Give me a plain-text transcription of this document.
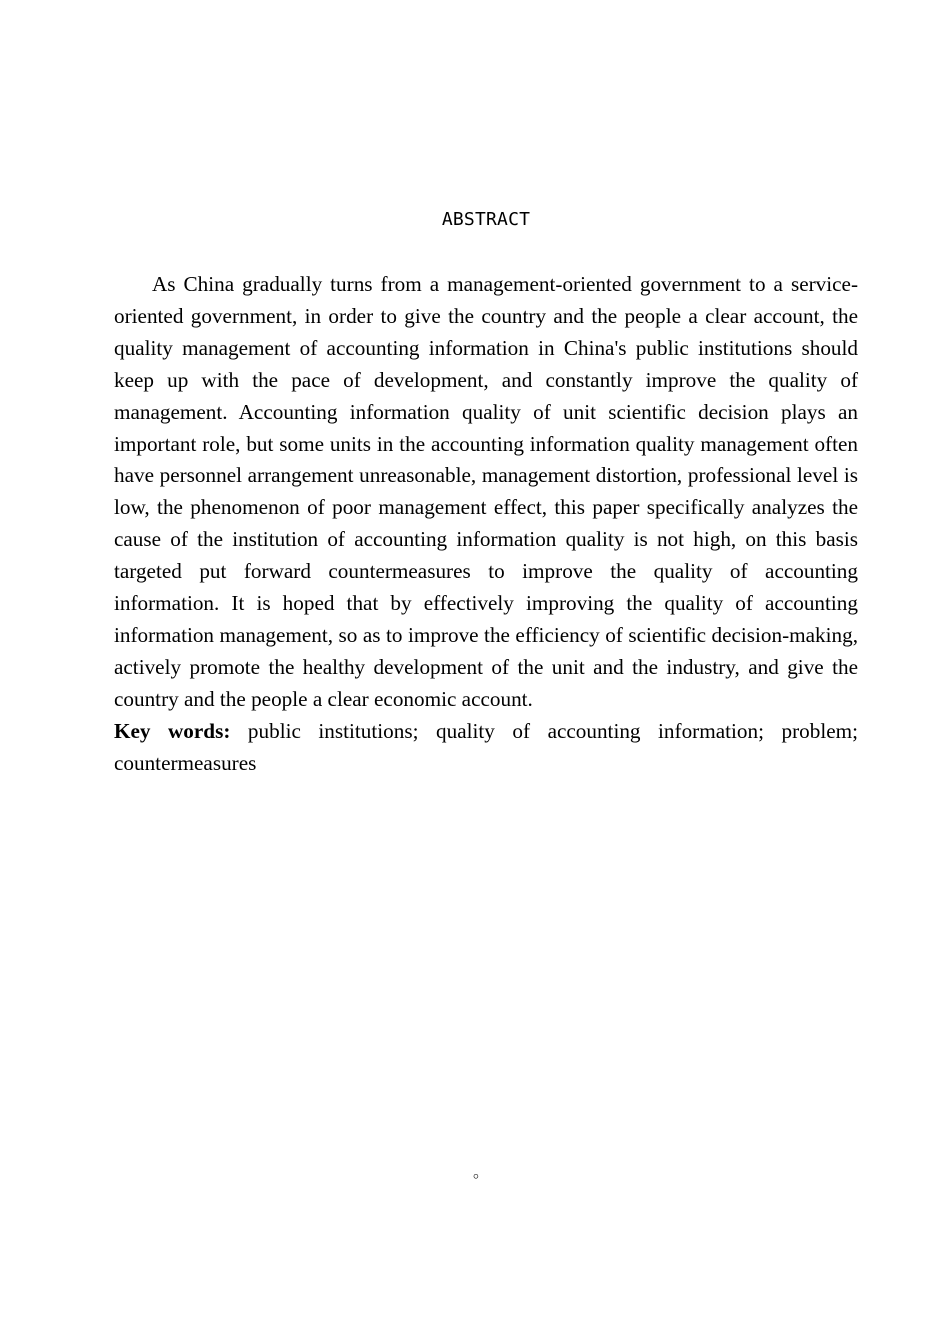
ABSTRACT

As China gradually turns from a management-oriented government to a service-oriented government, in order to give the country and the people a clear account, the quality management of accounting information in China's public institutions should keep up with the pace of development, and constantly improve the quality of management. Accounting information quality of unit scientific decision plays an important role, but some units in the accounting information quality management often have personnel arrangement unreasonable, management distortion, professional level is low, the phenomenon of poor management effect, this paper specifically analyzes the cause of the institution of accounting information quality is not high, on this basis targeted put forward countermeasures to improve the quality of accounting information. It is hoped that by effectively improving the quality of accounting information management, so as to improve the efficiency of scientific decision-making, actively promote the healthy development of the unit and the industry, and give the country and the people a clear economic account.

Key words: public institutions; quality of accounting information; problem; countermeasures

。
